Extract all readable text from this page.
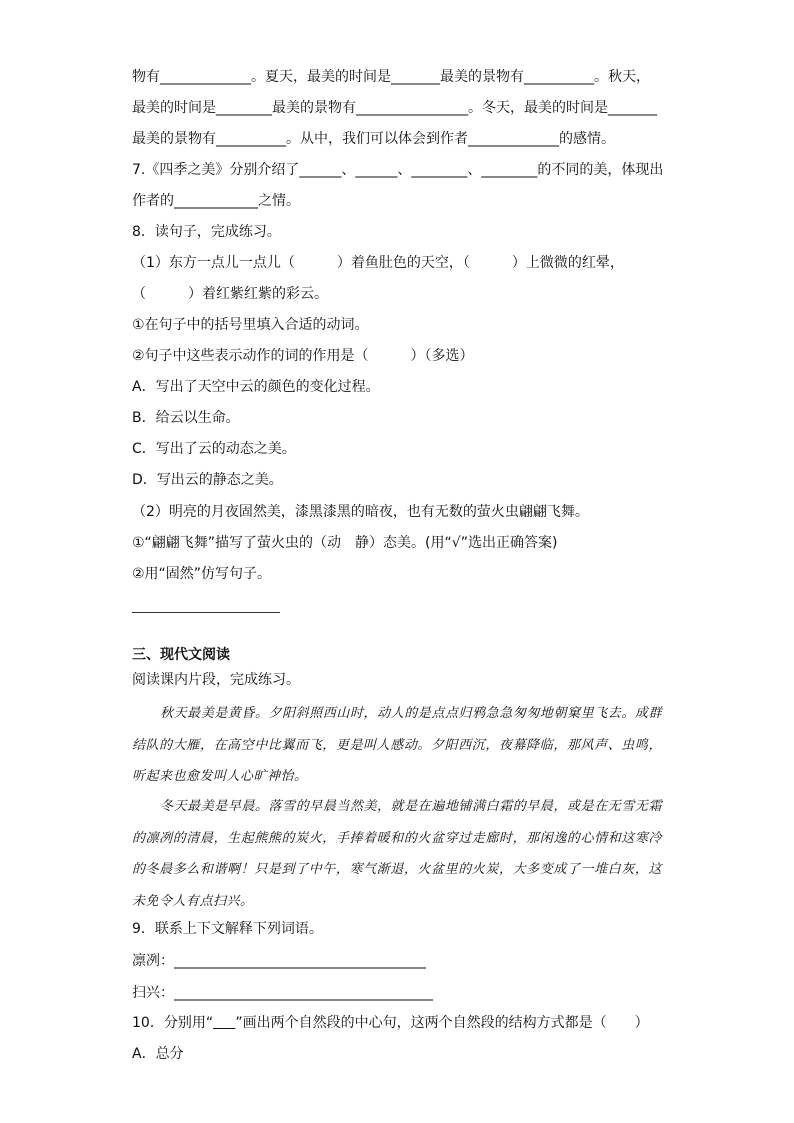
物有_____________。夏天，最美的时间是_______最美的景物有__________。秋天，
最美的时间是________最美的景物有________________。冬天，最美的时间是_______
最美的景物有__________。从中，我们可以体会到作者_____________的感情。
7.《四季之美》分别介绍了______、______、________、________的不同的美，体现出
作者的____________之情。
8．读句子，完成练习。
（1）东方一点儿一点儿（　　　）着鱼肚色的天空，（　　　）上微微的红晕，
（　　　）着红紫红紫的彩云。
①在句子中的括号里填入合适的动词。
②句子中这些表示动作的词的作用是（　　　）（多选）
A．写出了天空中云的颜色的变化过程。
B．给云以生命。
C．写出了云的动态之美。
D．写出云的静态之美。
（2）明亮的月夜固然美，漆黑漆黑的暗夜，也有无数的萤火虫翩翩飞舞。
①“翩翩飞舞”描写了萤火虫的（动　静）态美。(用“√”选出正确答案)
②用“固然”仿写句子。
三、现代文阅读
阅读课内片段，完成练习。
秋天最美是黄昏。夕阳斜照西山时，动人的是点点归鸦急急匆匆地朝窠里飞去。成群结队的大雁，在高空中比翼而飞，更是叫人感动。夕阳西沉，夜幕降临，那风声、虫鸣，听起来也愈发叫人心旷神怡。
冬天最美是早晨。落雪的早晨当然美，就是在遍地铺满白霜的早晨，或是在无雪无霜的凛冽的清晨，生起熊熊的炭火，手捧着暖和的火盆穿过走廊时，那闲逸的心情和这寒冷的冬晨多么和谐啊！只是到了中午，寒气渐退，火盆里的火炭，大多变成了一堆白灰，这未免令人有点扫兴。
9．联系上下文解释下列词语。
凛冽：____________________________________
扫兴：_____________________________________
10．分别用“ ”画出两个自然段的中心句，这两个自然段的结构方式都是（　　）
A．总分
